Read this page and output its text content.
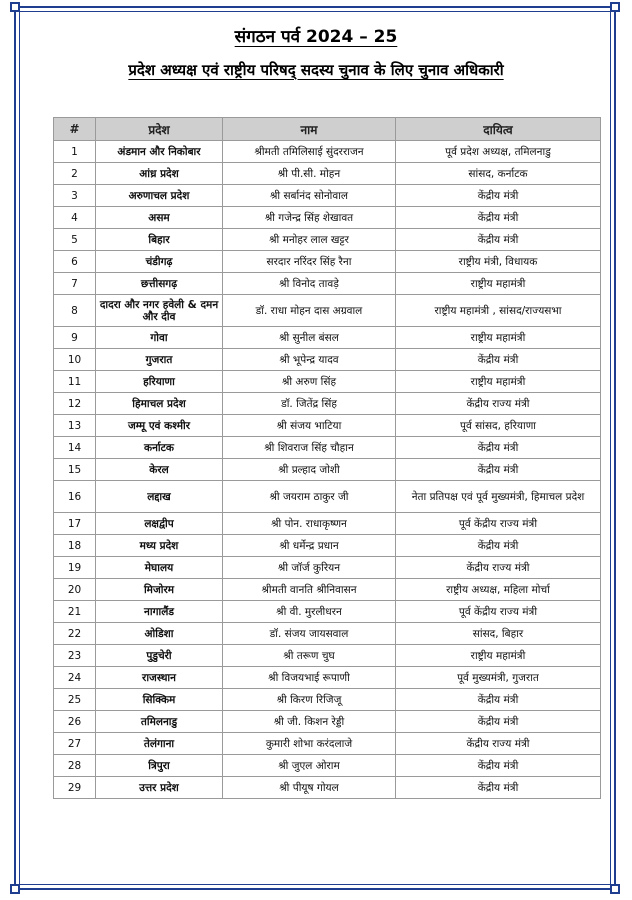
संगठन पर्व 2024 – 25
प्रदेश अध्यक्ष एवं राष्ट्रीय परिषद् सदस्य चुनाव के लिए चुनाव अधिकारी
#	प्रदेश	नाम	दायित्व
1	अंडमान और निकोबार	श्रीमती तमिलिसाई सुंदरराजन	पूर्व प्रदेश अध्यक्ष, तमिलनाडु
2	आंध्र प्रदेश	श्री पी.सी. मोहन	सांसद, कर्नाटक
3	अरुणाचल प्रदेश	श्री सर्बानंद सोनोवाल	केंद्रीय मंत्री
4	असम	श्री गजेन्द्र सिंह शेखावत	केंद्रीय मंत्री
5	बिहार	श्री मनोहर लाल खट्टर	केंद्रीय मंत्री
6	चंडीगढ़	सरदार नरिंदर सिंह रैना	राष्ट्रीय मंत्री, विधायक
7	छत्तीसगढ़	श्री विनोद तावड़े	राष्ट्रीय महामंत्री
8	दादरा और नगर हवेली & दमन और दीव	डॉ. राधा मोहन दास अग्रवाल	राष्ट्रीय महामंत्री , सांसद/राज्यसभा
9	गोवा	श्री सुनील बंसल	राष्ट्रीय महामंत्री
10	गुजरात	श्री भूपेन्द्र यादव	केंद्रीय मंत्री
11	हरियाणा	श्री अरुण सिंह	राष्ट्रीय महामंत्री
12	हिमाचल प्रदेश	डॉ. जितेंद्र सिंह	केंद्रीय राज्य मंत्री
13	जम्मू एवं कश्मीर	श्री संजय भाटिया	पूर्व सांसद, हरियाणा
14	कर्नाटक	श्री शिवराज सिंह चौहान	केंद्रीय मंत्री
15	केरल	श्री प्रल्हाद जोशी	केंद्रीय मंत्री
16	लद्दाख	श्री जयराम ठाकुर जी	नेता प्रतिपक्ष एवं पूर्व मुख्यमंत्री, हिमाचल प्रदेश
17	लक्षद्वीप	श्री पोन. राधाकृष्णन	पूर्व केंद्रीय राज्य मंत्री
18	मध्य प्रदेश	श्री धर्मेन्द्र प्रधान	केंद्रीय मंत्री
19	मेघालय	श्री जॉर्ज कुरियन	केंद्रीय राज्य मंत्री
20	मिजोरम	श्रीमती वानति श्रीनिवासन	राष्ट्रीय अध्यक्ष, महिला मोर्चा
21	नागालैंड	श्री वी. मुरलीधरन	पूर्व केंद्रीय राज्य मंत्री
22	ओडिशा	डॉ. संजय जायसवाल	सांसद, बिहार
23	पुडुचेरी	श्री तरूण चुघ	राष्ट्रीय महामंत्री
24	राजस्थान	श्री विजयभाई रूपाणी	पूर्व मुख्यमंत्री, गुजरात
25	सिक्किम	श्री किरण रिजिजू	केंद्रीय मंत्री
26	तमिलनाडु	श्री जी. किशन रेड्डी	केंद्रीय मंत्री
27	तेलंगाना	कुमारी शोभा करंदलाजे	केंद्रीय राज्य मंत्री
28	त्रिपुरा	श्री जुएल ओराम	केंद्रीय मंत्री
29	उत्तर प्रदेश	श्री पीयूष गोयल	केंद्रीय मंत्री
